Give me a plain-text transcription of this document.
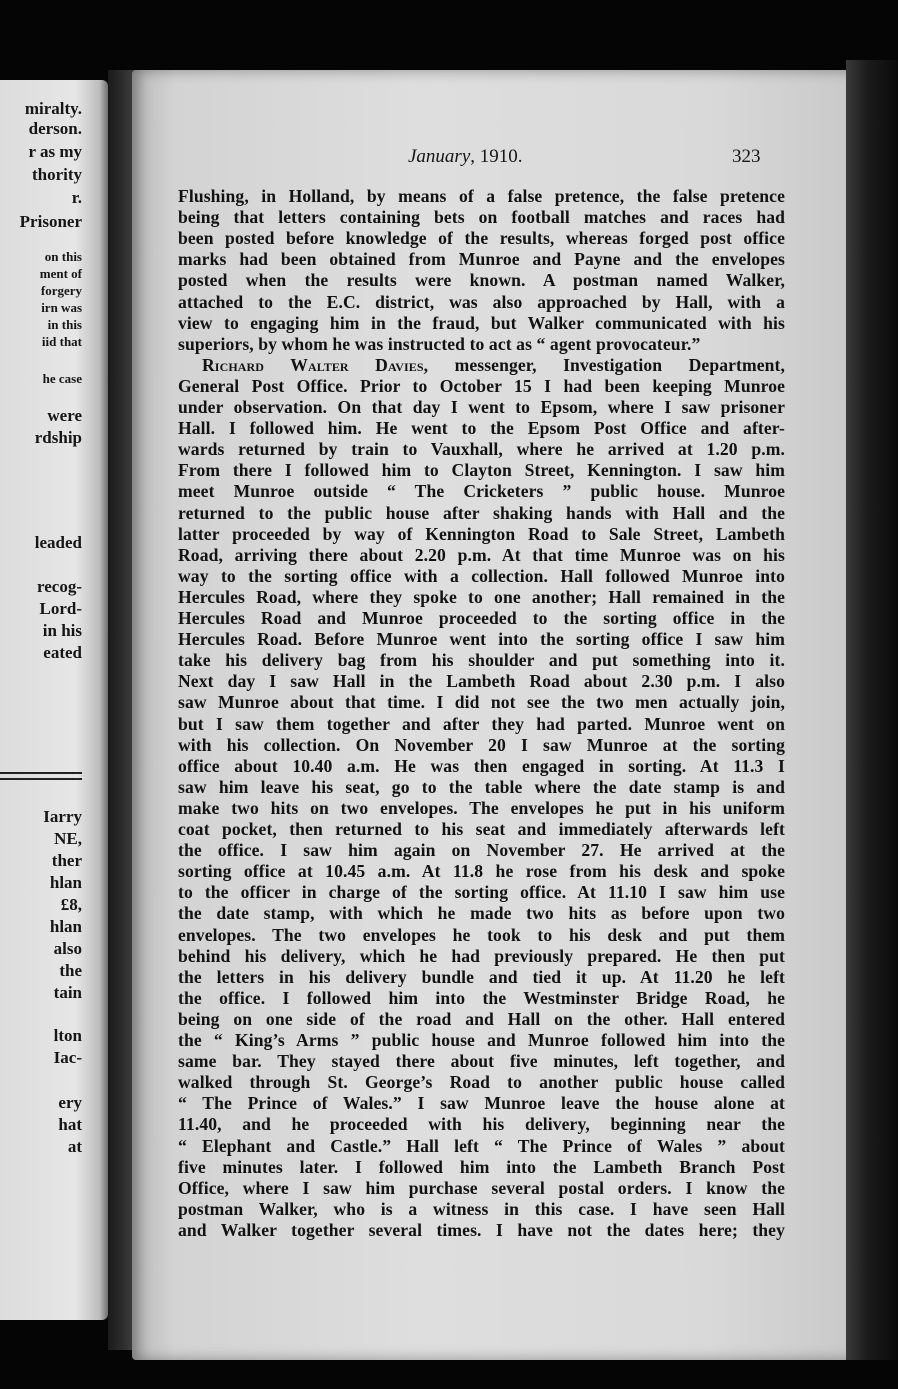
miralty.
derson.
r as my
thority
r.
Prisoner
on this
ment of
forgery
irn was
in this
iid that
he case
were
rdship
leaded
recog-
Lord-
in his
eated
Iarry
NE,
ther
hlan
£8,
hlan
also
the
tain
lton
Iac-
ery
hat
at
January, 1910.	323
Flushing, in Holland, by means of a false pretence, the false pretence
being that letters containing bets on football matches and races had
been posted before knowledge of the results, whereas forged post office
marks had been obtained from Munroe and Payne and the envelopes
posted when the results were known. A postman named Walker,
attached to the E.C. district, was also approached by Hall, with a
view to engaging him in the fraud, but Walker communicated with his
superiors, by whom he was instructed to act as “ agent provocateur.”
Richard Walter Davies, messenger, Investigation Department,
General Post Office. Prior to October 15 I had been keeping Munroe
under observation. On that day I went to Epsom, where I saw prisoner
Hall. I followed him. He went to the Epsom Post Office and after-
wards returned by train to Vauxhall, where he arrived at 1.20 p.m.
From there I followed him to Clayton Street, Kennington. I saw him
meet Munroe outside “ The Cricketers ” public house. Munroe
returned to the public house after shaking hands with Hall and the
latter proceeded by way of Kennington Road to Sale Street, Lambeth
Road, arriving there about 2.20 p.m. At that time Munroe was on his
way to the sorting office with a collection. Hall followed Munroe into
Hercules Road, where they spoke to one another; Hall remained in the
Hercules Road and Munroe proceeded to the sorting office in the
Hercules Road. Before Munroe went into the sorting office I saw him
take his delivery bag from his shoulder and put something into it.
Next day I saw Hall in the Lambeth Road about 2.30 p.m. I also
saw Munroe about that time. I did not see the two men actually join,
but I saw them together and after they had parted. Munroe went on
with his collection. On November 20 I saw Munroe at the sorting
office about 10.40 a.m. He was then engaged in sorting. At 11.3 I
saw him leave his seat, go to the table where the date stamp is and
make two hits on two envelopes. The envelopes he put in his uniform
coat pocket, then returned to his seat and immediately afterwards left
the office. I saw him again on November 27. He arrived at the
sorting office at 10.45 a.m. At 11.8 he rose from his desk and spoke
to the officer in charge of the sorting office. At 11.10 I saw him use
the date stamp, with which he made two hits as before upon two
envelopes. The two envelopes he took to his desk and put them
behind his delivery, which he had previously prepared. He then put
the letters in his delivery bundle and tied it up. At 11.20 he left
the office. I followed him into the Westminster Bridge Road, he
being on one side of the road and Hall on the other. Hall entered
the “ King’s Arms ” public house and Munroe followed him into the
same bar. They stayed there about five minutes, left together, and
walked through St. George’s Road to another public house called
“ The Prince of Wales.” I saw Munroe leave the house alone at
11.40, and he proceeded with his delivery, beginning near the
“ Elephant and Castle.” Hall left “ The Prince of Wales ” about
five minutes later. I followed him into the Lambeth Branch Post
Office, where I saw him purchase several postal orders. I know the
postman Walker, who is a witness in this case. I have seen Hall
and Walker together several times. I have not the dates here; they
